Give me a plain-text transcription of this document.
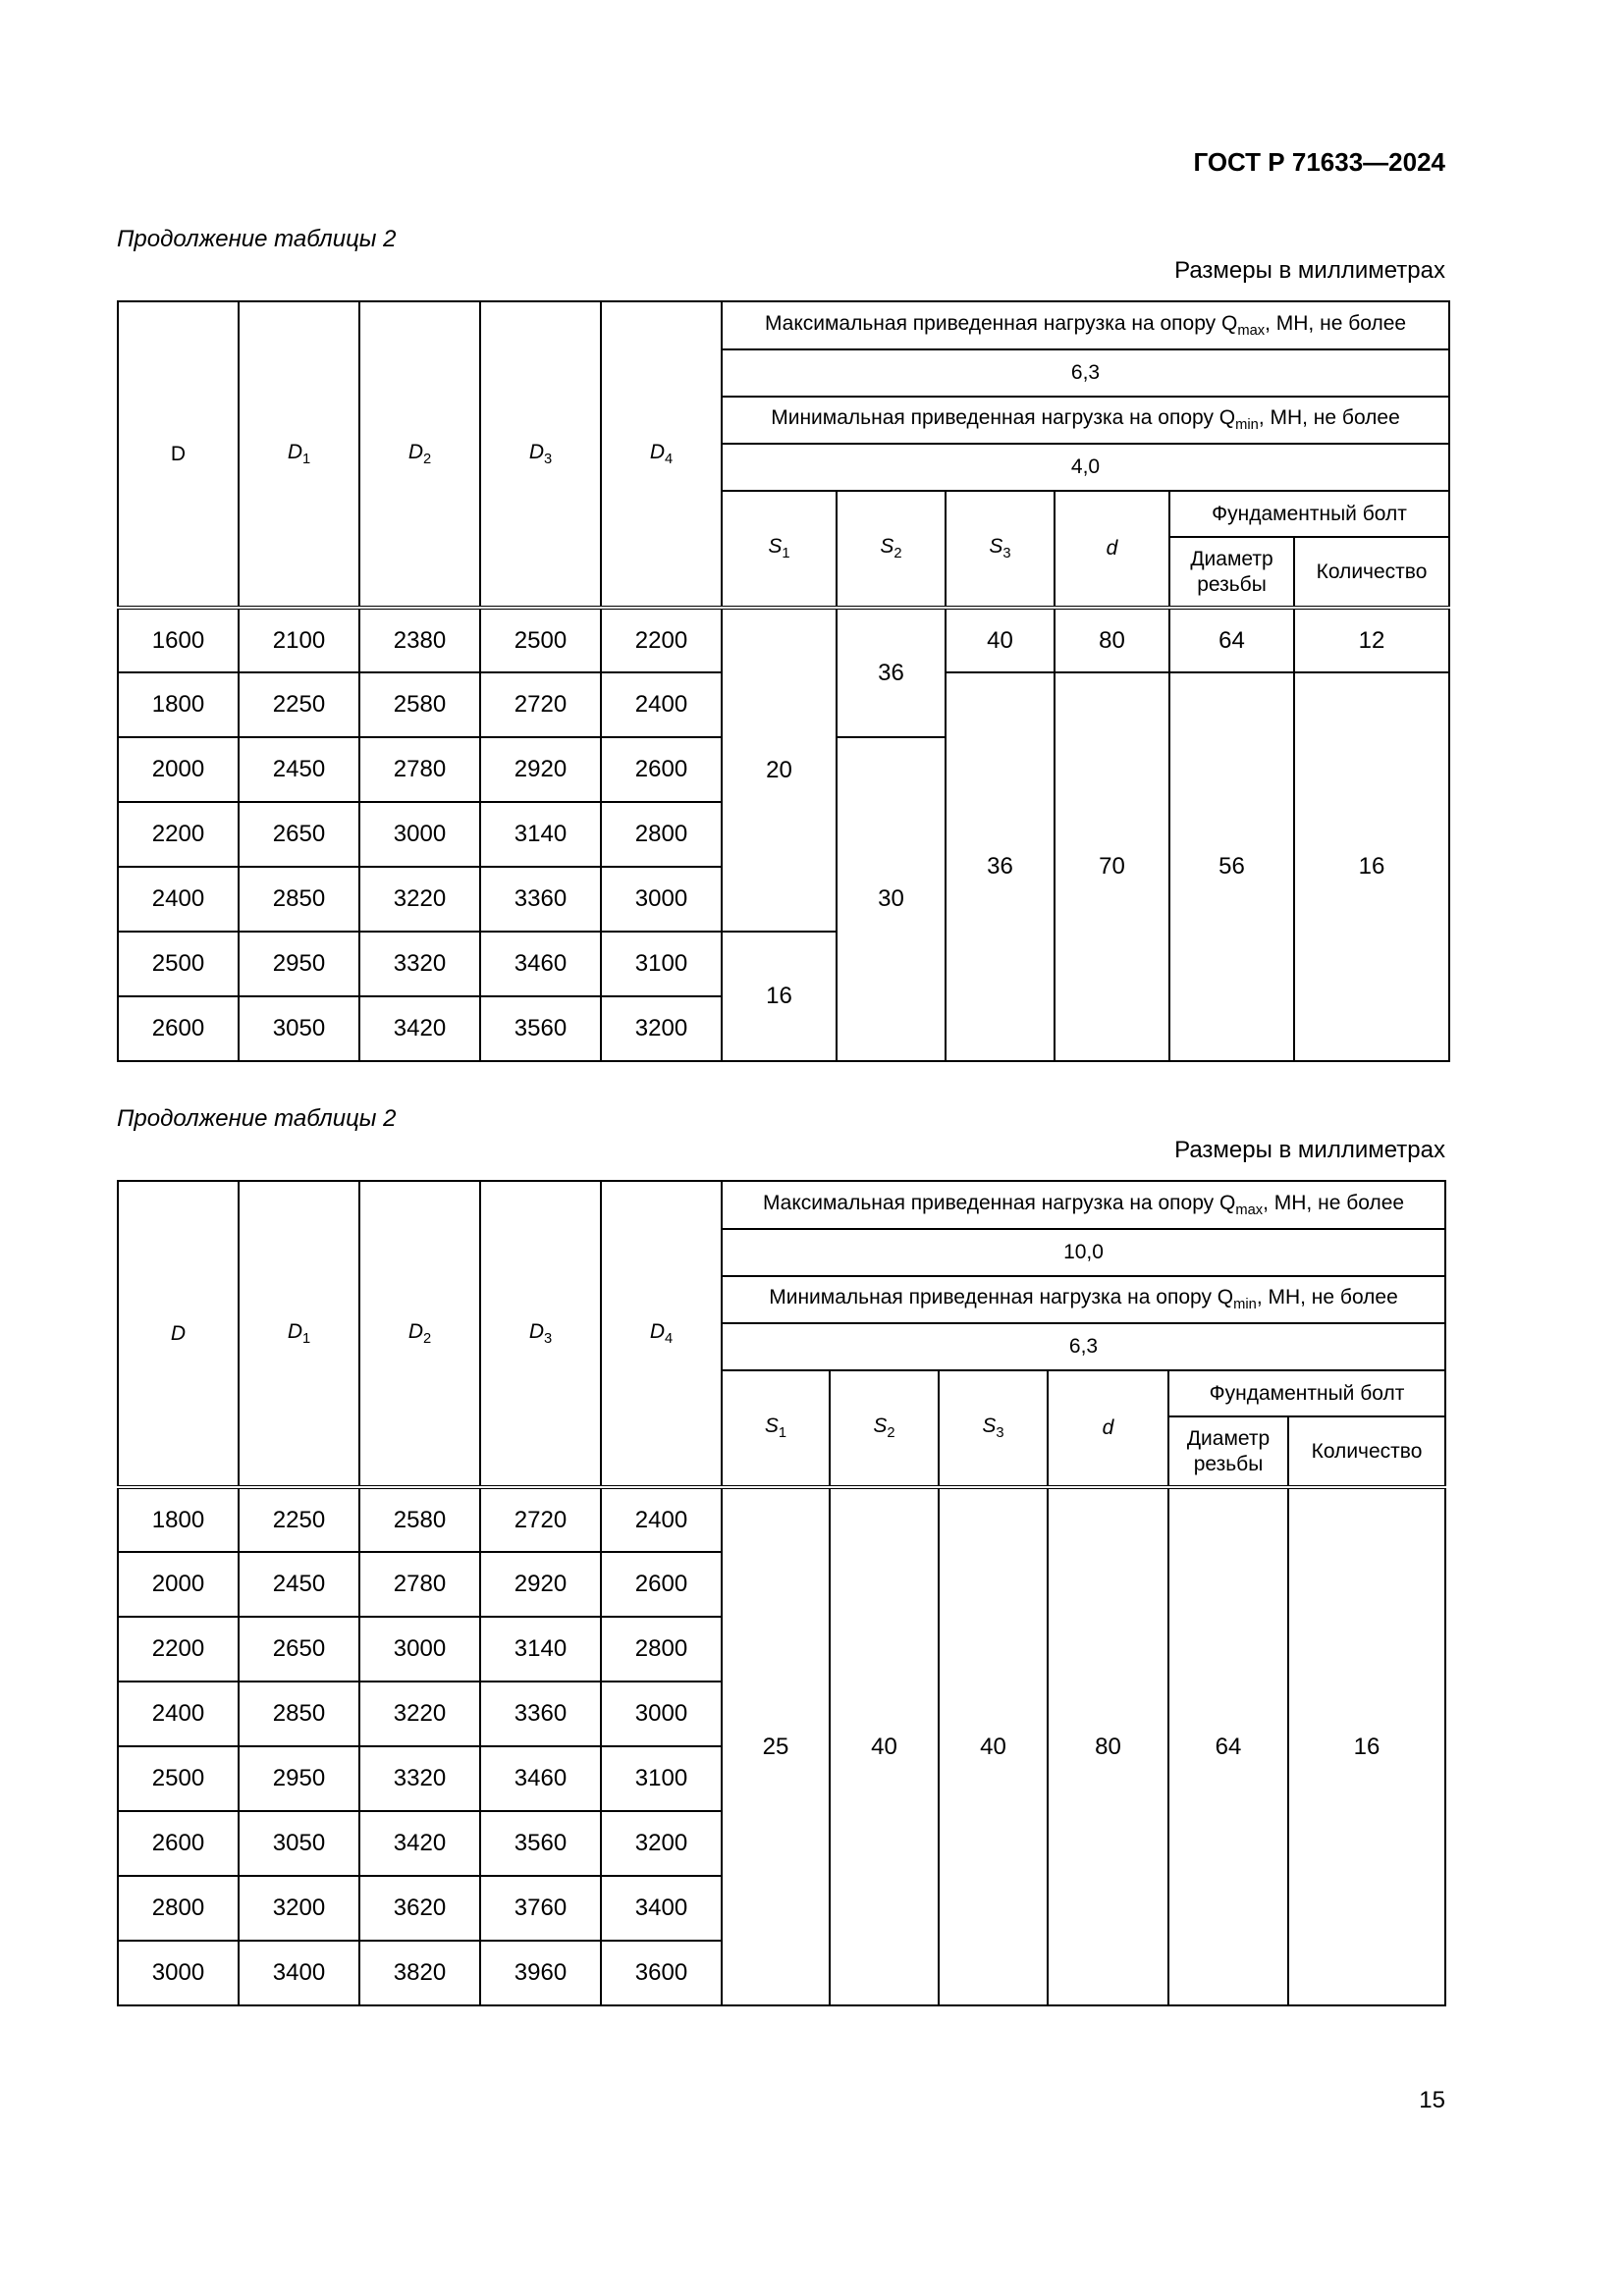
ГОСТ Р 71633—2024
Продолжение таблицы 2
Размеры в миллиметрах
D	$D_1$	$D_2$	$D_3$	$D_4$	Максимальная приведенная нагрузка на опору $Q_{max}$, МН, не более					
					6,3					
					Минимальная приведенная нагрузка на опору $Q_{min}$, МН, не более					
					4,0					
					$S_1$	$S_2$	$S_3$	d	Фундаментный болт	
									Диаметр резьбы	Количество

1600	2100	2380	2500	2200	20	36	40	80	64	12
1800	2250	2580	2720	2400			36	70	56	16
2000	2450	2780	2920	2600		30				
2200	2650	3000	3140	2800						
2400	2850	3220	3360	3000						
2500	2950	3320	3460	3100	16					
2600	3050	3420	3560	3200						
Продолжение таблицы 2
Размеры в миллиметрах
D	$D_1$	$D_2$	$D_3$	$D_4$	Максимальная приведенная нагрузка на опору $Q_{max}$, МН, не более					
					10,0					
					Минимальная приведенная нагрузка на опору $Q_{min}$, МН, не более					
					6,3					
					$S_1$	$S_2$	$S_3$	d	Фундаментный болт	
									Диаметр резьбы	Количество

1800	2250	2580	2720	2400	25	40	40	80	64	16
2000	2450	2780	2920	2600						
2200	2650	3000	3140	2800						
2400	2850	3220	3360	3000						
2500	2950	3320	3460	3100						
2600	3050	3420	3560	3200						
2800	3200	3620	3760	3400						
3000	3400	3820	3960	3600						
15
